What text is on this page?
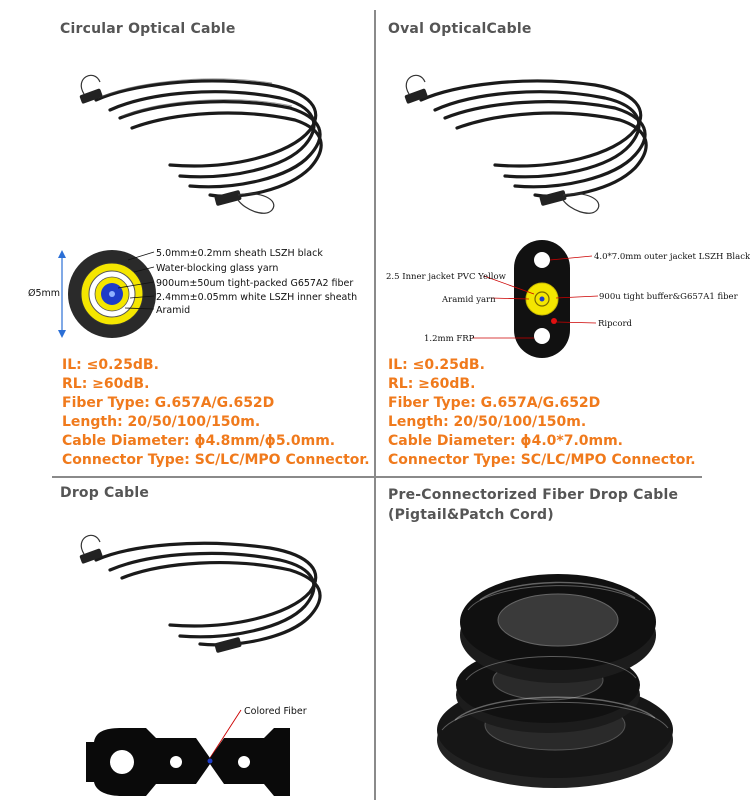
Circular Optical Cable
Ø5mm
5.0mm±0.2mm sheath LSZH black
Water-blocking glass yarn
900um±50um tight-packed G657A2 fiber
2.4mm±0.05mm white LSZH inner sheath
Aramid
IL: ≤0.25dB.
RL: ≥60dB.
Fiber Type: G.657A/G.652D
Length: 20/50/100/150m.
Cable Diameter: ϕ4.8mm/ϕ5.0mm.
Connector Type: SC/LC/MPO Connector.
Oval OpticalCable
4.0*7.0mm outer jacket LSZH Black
2.5 Inner jacket PVC Yellow
Aramid yarn	900u tight buffer&G657A1 fiber
Ripcord
1.2mm FRP
IL: ≤0.25dB.
RL: ≥60dB.
Fiber Type: G.657A/G.652D
Length: 20/50/100/150m.
Cable Diameter: ϕ4.0*7.0mm.
Connector Type: SC/LC/MPO Connector.
Drop Cable
Colored Fiber
Pre-Connectorized Fiber Drop Cable
(Pigtail&Patch Cord)
